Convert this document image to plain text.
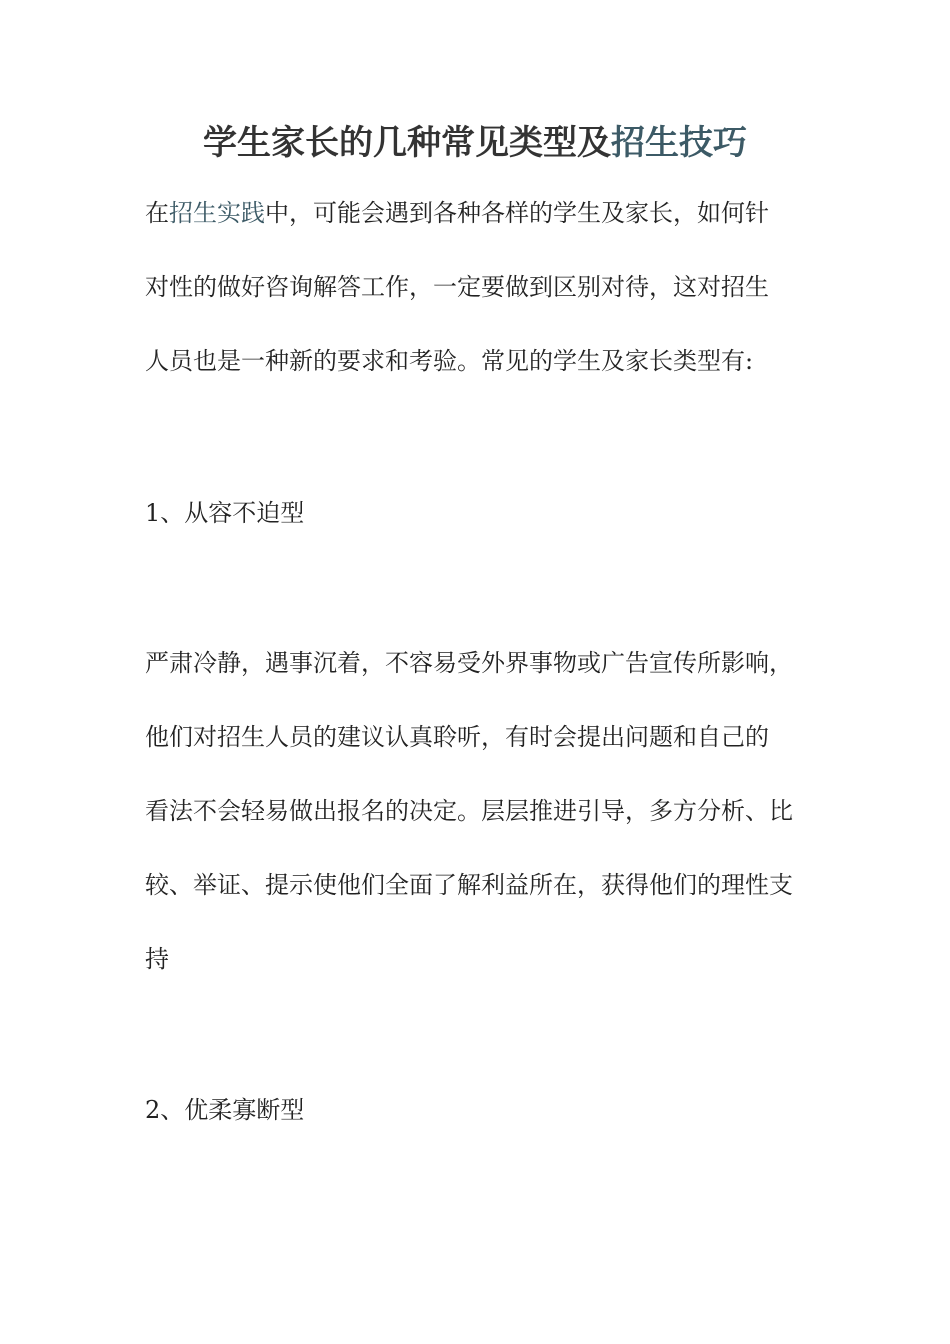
学生家长的几种常见类型及招生技巧
在招生实践中，可能会遇到各种各样的学生及家长，如何针
对性的做好咨询解答工作，一定要做到区别对待，这对招生
人员也是一种新的要求和考验。常见的学生及家长类型有:
1、从容不迫型
严肃冷静，遇事沉着，不容易受外界事物或广告宣传所影响，
他们对招生人员的建议认真聆听，有时会提出问题和自己的
看法不会轻易做出报名的决定。层层推进引导，多方分析、比
较、举证、提示使他们全面了解利益所在，获得他们的理性支
持
2、优柔寡断型
